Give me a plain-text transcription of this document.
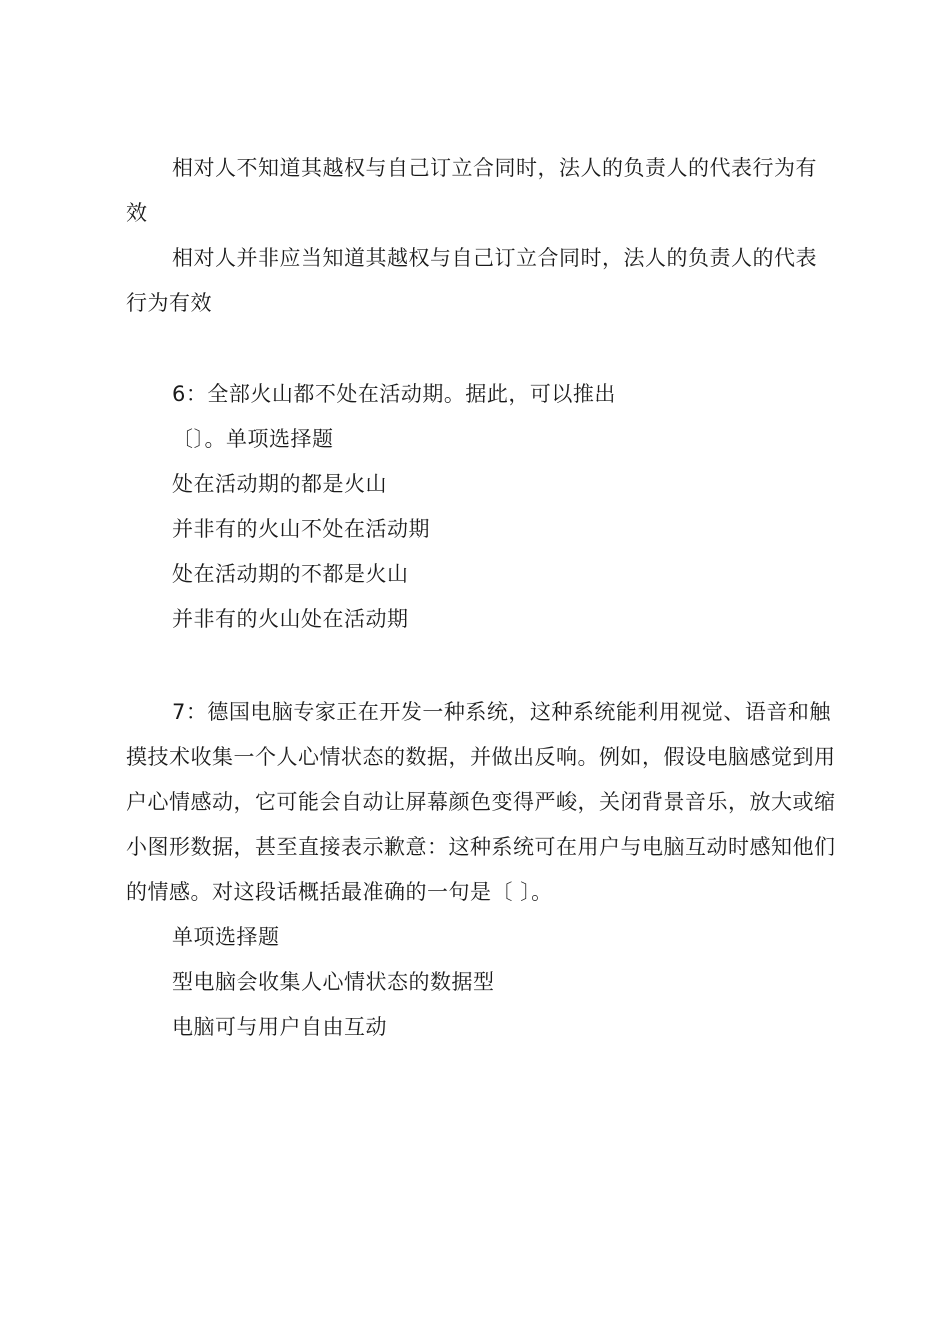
相对人不知道其越权与自己订立合同时，法人的负责人的代表行为有效

相对人并非应当知道其越权与自己订立合同时，法人的负责人的代表行为有效

6：全部火山都不处在活动期。据此，可以推出

〔〕。单项选择题

处在活动期的都是火山

并非有的火山不处在活动期

处在活动期的不都是火山

并非有的火山处在活动期

7：德国电脑专家正在开发一种系统，这种系统能利用视觉、语音和触摸技术收集一个人心情状态的数据，并做出反响。例如，假设电脑感觉到用户心情感动，它可能会自动让屏幕颜色变得严峻，关闭背景音乐，放大或缩小图形数据，甚至直接表示歉意：这种系统可在用户与电脑互动时感知他们的情感。对这段话概括最准确的一句是〔 〕。

单项选择题

型电脑会收集人心情状态的数据型

电脑可与用户自由互动
